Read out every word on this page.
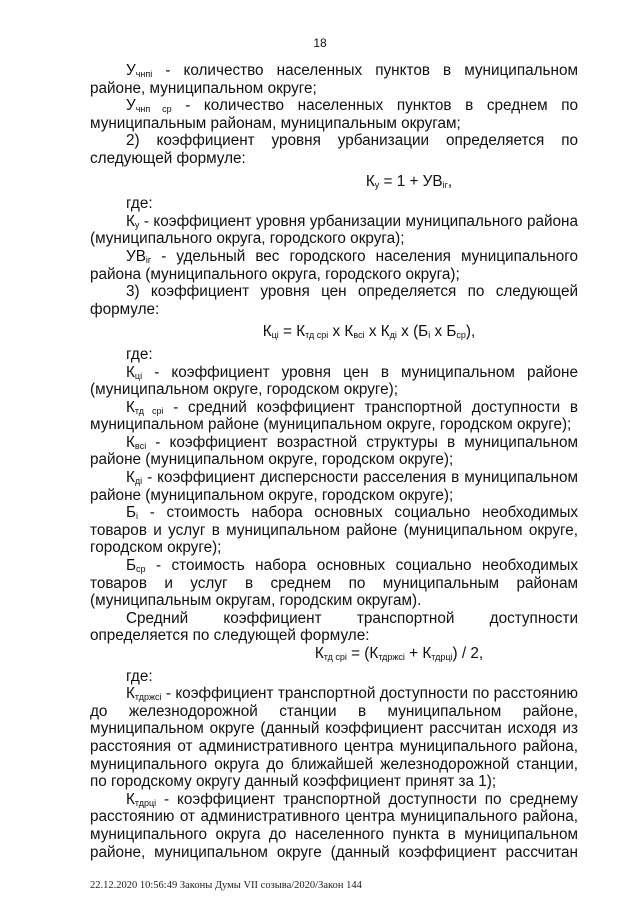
18

$У_{чнпi}$ - количество населенных пунктов в муниципальном районе, муниципальном округе;

$У_{чнп ср}$ - количество населенных пунктов в среднем по муниципальным районам, муниципальным округам;

2) коэффициент уровня урбанизации определяется по следующей формуле:

$К_у = 1 + УВ_{iг}$,

где:

$К_у$ - коэффициент уровня урбанизации муниципального района (муниципального округа, городского округа);

$УВ_{iг}$ - удельный вес городского населения муниципального района (муниципального округа, городского округа);

3) коэффициент уровня цен определяется по следующей формуле:

$К_{цi} = К_{тд срi}$ x $К_{вci}$ x $К_{дi}$ x ($Б_i$ x $Б_{ср}$),

где:

$К_{цi}$ - коэффициент уровня цен в муниципальном районе (муниципальном округе, городском округе);

$К_{тд срi}$ - средний коэффициент транспортной доступности в муниципальном районе (муниципальном округе, городском округе);

$К_{вci}$ - коэффициент возрастной структуры в муниципальном районе (муниципальном округе, городском округе);

$К_{дi}$ - коэффициент дисперсности расселения в муниципальном районе (муниципальном округе, городском округе);

$Б_i$ - стоимость набора основных социально необходимых товаров и услуг в муниципальном районе (муниципальном округе, городском округе);

$Б_{ср}$ - стоимость набора основных социально необходимых товаров и услуг в среднем по муниципальным районам (муниципальным округам, городским округам).

Средний коэффициент транспортной доступности определяется по следующей формуле:

$К_{тд срi} = (К_{тдржсi} + К_{тдрцi}) / 2$,

где:

$К_{тдржсi}$ - коэффициент транспортной доступности по расстоянию до железнодорожной станции в муниципальном районе, муниципальном округе (данный коэффициент рассчитан исходя из расстояния от административного центра муниципального района, муниципального округа до ближайшей железнодорожной станции, по городскому округу данный коэффициент принят за 1);

$К_{тдрцi}$ - коэффициент транспортной доступности по среднему расстоянию от административного центра муниципального района, муниципального округа до населенного пункта в муниципальном районе, муниципальном округе (данный коэффициент рассчитан

22.12.2020 10:56:49 Законы Думы VII созыва/2020/Закон 144
